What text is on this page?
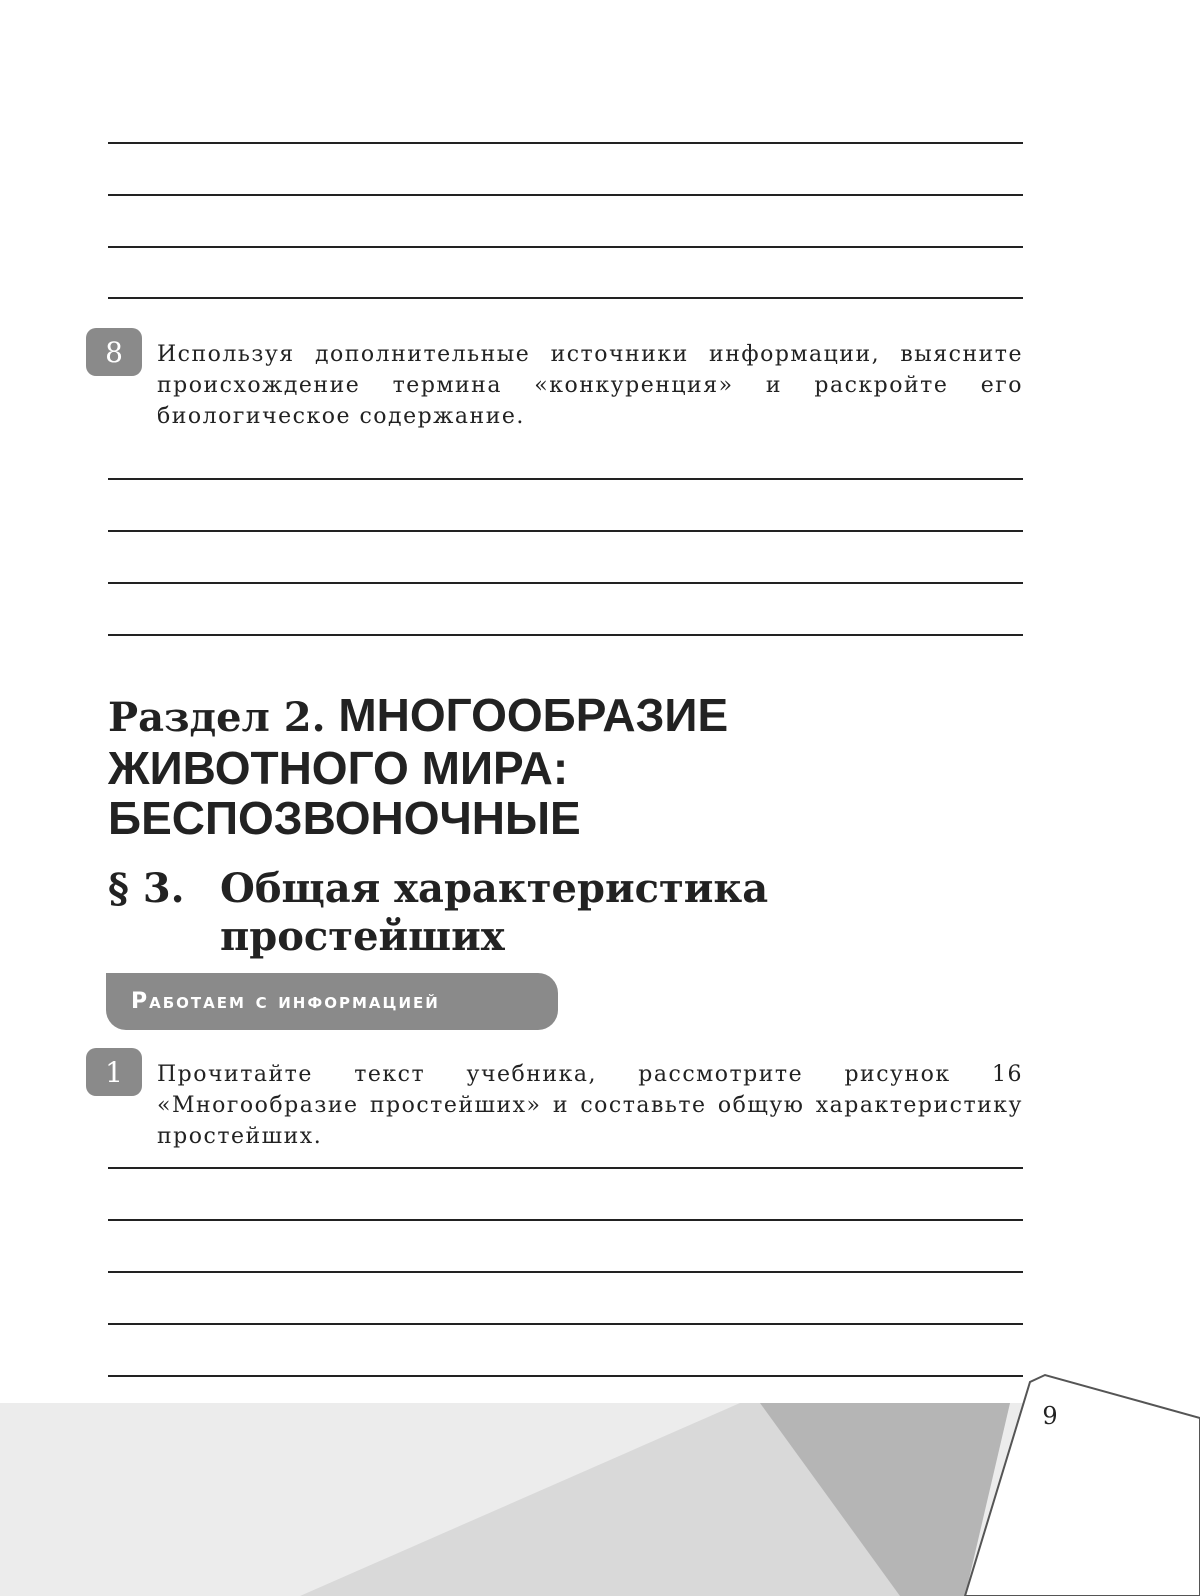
8 Используя дополнительные источники информации, выясните происхождение термина «конкуренция» и раскройте его биологическое содержание.
Раздел 2. МНОГООБРАЗИЕ ЖИВОТНОГО МИРА: БЕСПОЗВОНОЧНЫЕ
§ 3. Общая характеристика
простейших
Работаем с информацией
1 Прочитайте текст учебника, рассмотрите рисунок 16 «Многообразие простейших» и составьте общую характеристику простейших.
9
